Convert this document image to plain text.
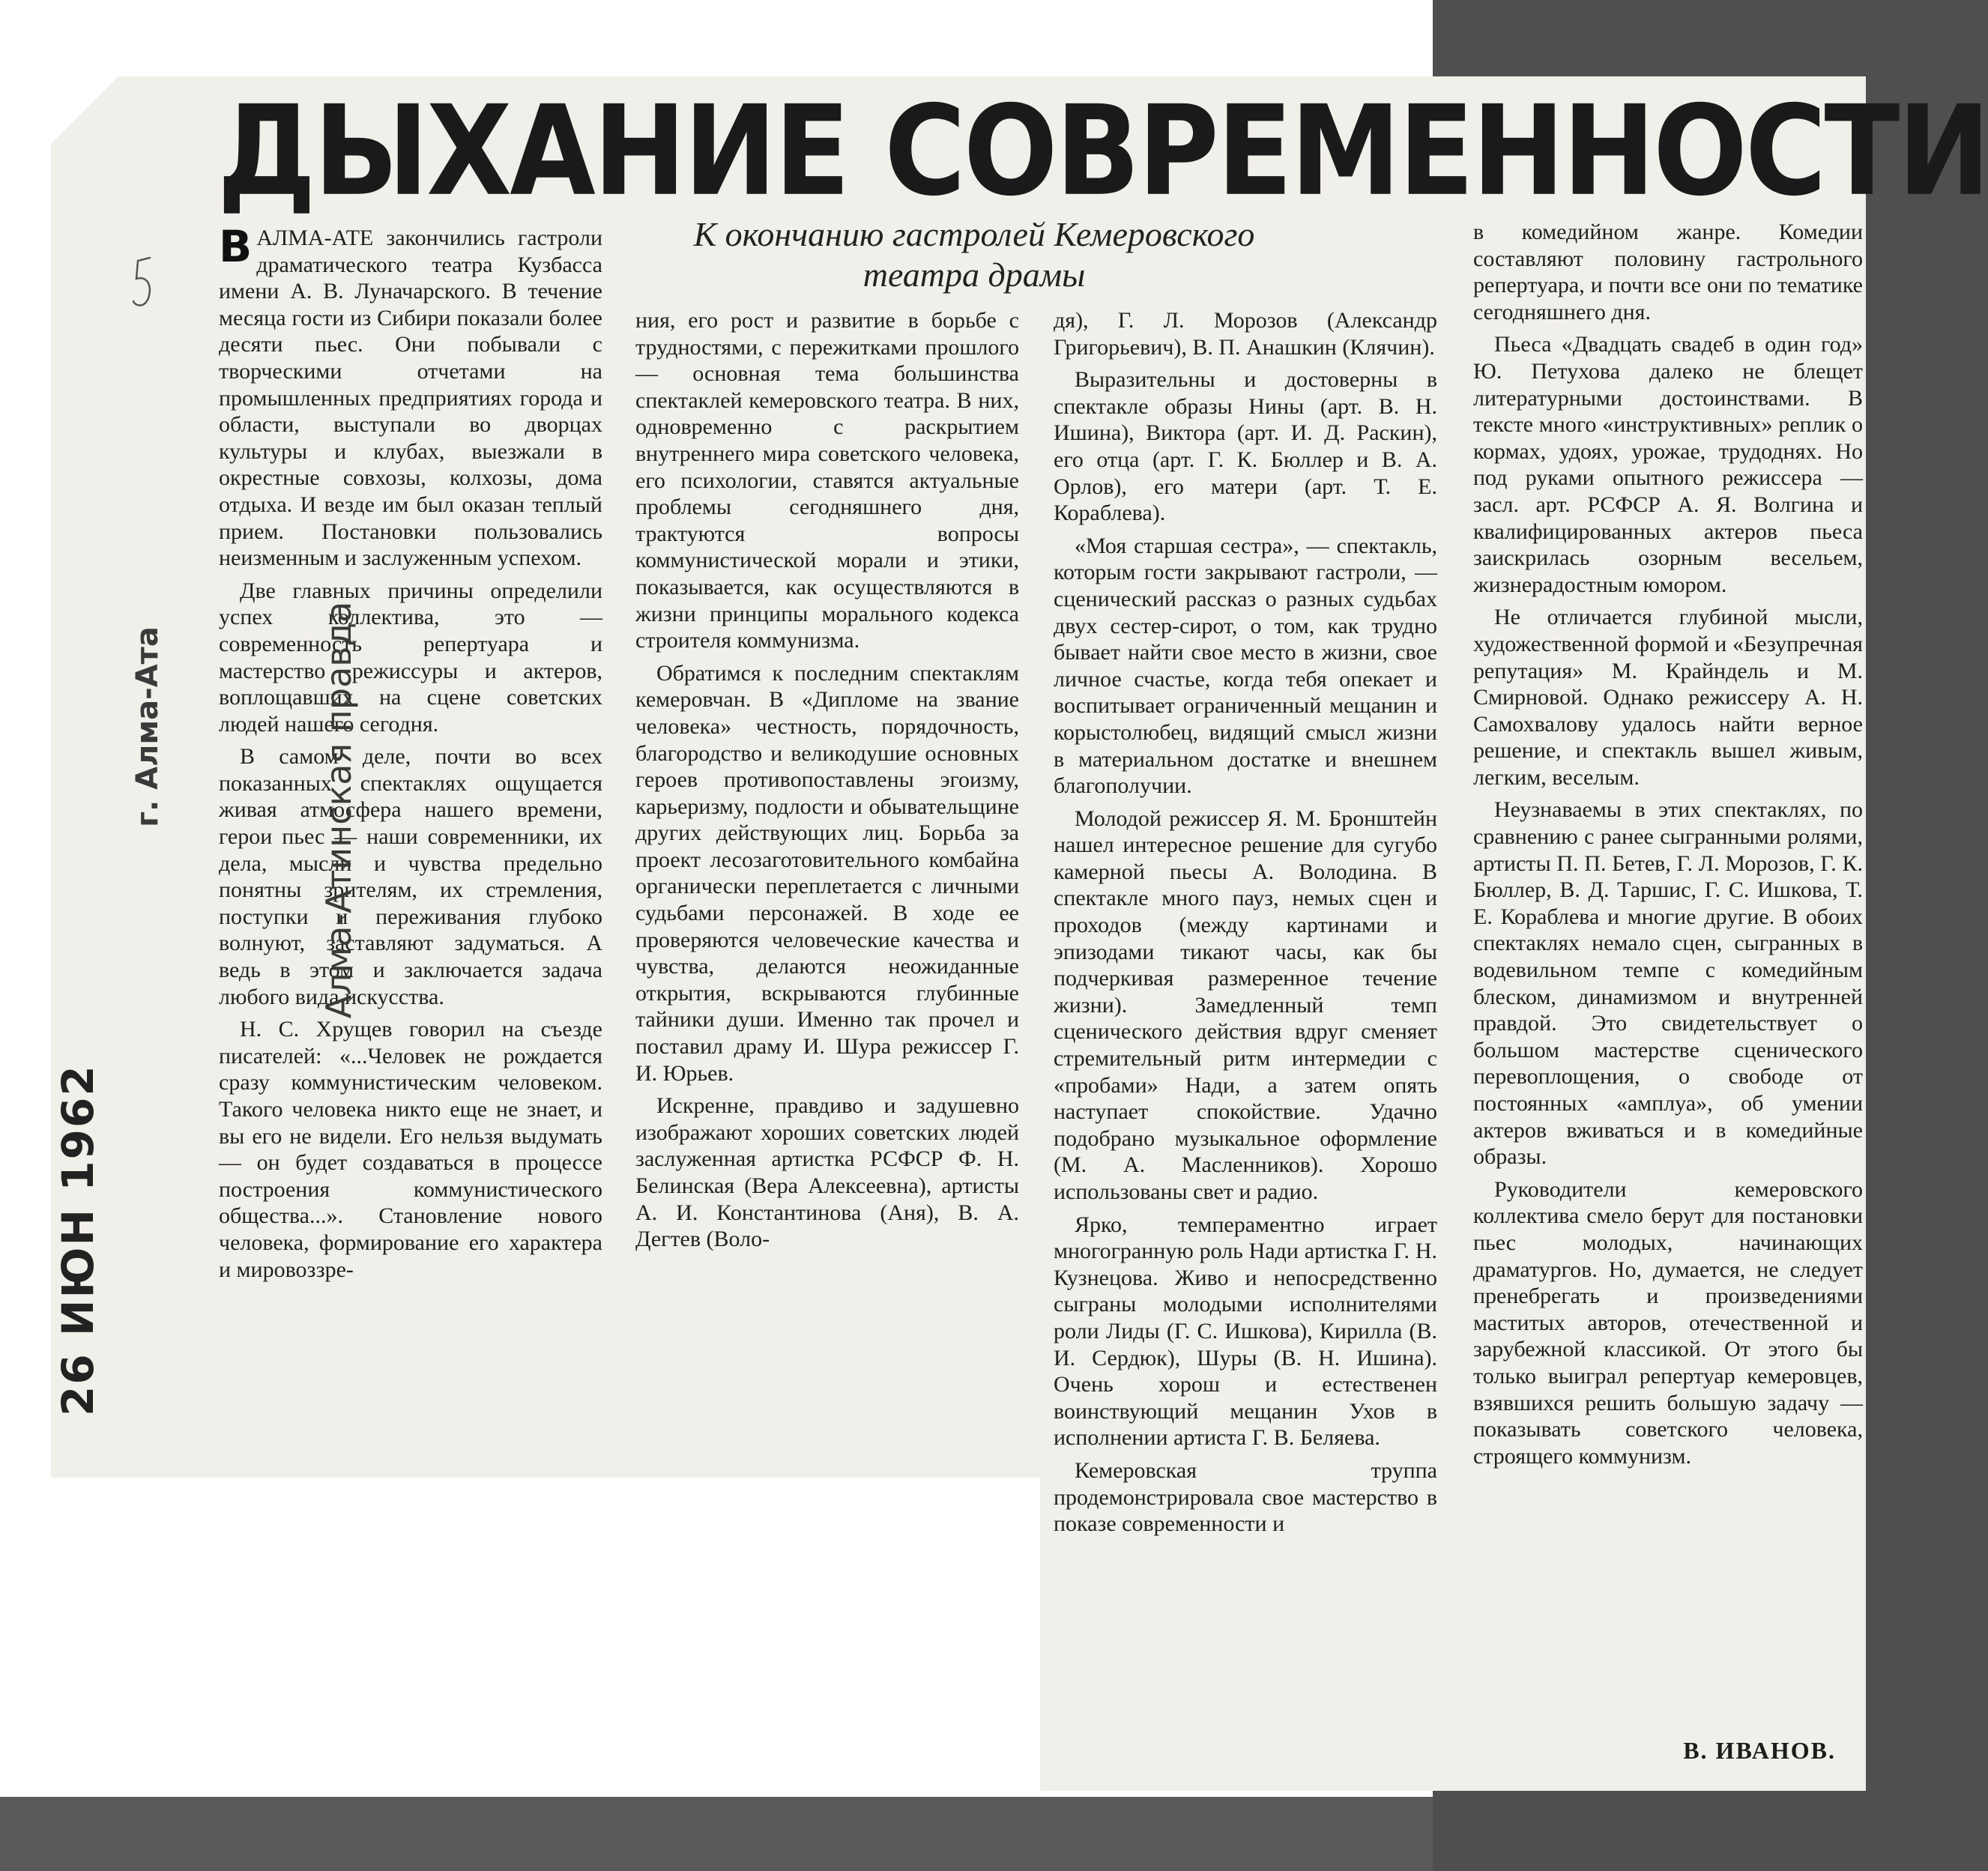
ДЫХАНИЕ СОВРЕМЕННОСТИ
К окончанию гастролей Кемеровского театра драмы

ВАЛМА-АТЕ закончились гастроли драматического театра Кузбасса имени А. В. Луначарского. В течение месяца гости из Сибири показали более десяти пьес. Они побывали с творческими отчетами на промышленных предприятиях города и области, выступали во дворцах культуры и клубах, выезжали в окрестные совхозы, колхозы, дома отдыха. И везде им был оказан теплый прием. Постановки пользовались неизменным и заслуженным успехом.

Две главных причины определили успех коллектива, это — современность репертуара и мастерство режиссуры и актеров, воплощавших на сцене советских людей нашего сегодня.

В самом деле, почти во всех показанных спектаклях ощущается живая атмосфера нашего времени, герои пьес — наши современники, их дела, мысли и чувства предельно понятны зрителям, их стремления, поступки и переживания глубоко волнуют, заставляют задуматься. А ведь в этом и заключается задача любого вида искусства.

Н. С. Хрущев говорил на съезде писателей: «...Человек не рождается сразу коммунистическим человеком. Такого человека никто еще не знает, и вы его не видели. Его нельзя выдумать — он будет создаваться в процессе построения коммунистического общества...». Становление нового человека, формирование его характера и мировоззре-

ния, его рост и развитие в борьбе с трудностями, с пережитками прошлого — основная тема большинства спектаклей кемеровского театра. В них, одновременно с раскрытием внутреннего мира советского человека, его психологии, ставятся актуальные проблемы сегодняшнего дня, трактуются вопросы коммунистической морали и этики, показывается, как осуществляются в жизни принципы морального кодекса строителя коммунизма.

Обратимся к последним спектаклям кемеровчан. В «Дипломе на звание человека» честность, порядочность, благородство и великодушие основных героев противопоставлены эгоизму, карьеризму, подлости и обывательщине других действующих лиц. Борьба за проект лесозаготовительного комбайна органически переплетается с личными судьбами персонажей. В ходе ее проверяются человеческие качества и чувства, делаются неожиданные открытия, вскрываются глубинные тайники души. Именно так прочел и поставил драму И. Шура режиссер Г. И. Юрьев.

Искренне, правдиво и задушевно изображают хороших советских людей заслуженная артистка РСФСР Ф. Н. Белинская (Вера Алексеевна), артисты А. И. Константинова (Аня), В. А. Дегтев (Воло-

дя), Г. Л. Морозов (Александр Григорьевич), В. П. Анашкин (Клячин).

Выразительны и достоверны в спектакле образы Нины (арт. В. Н. Ишина), Виктора (арт. И. Д. Раскин), его отца (арт. Г. К. Бюллер и В. А. Орлов), его матери (арт. Т. Е. Кораблева).

«Моя старшая сестра», — спектакль, которым гости закрывают гастроли, — сценический рассказ о разных судьбах двух сестер-сирот, о том, как трудно бывает найти свое место в жизни, свое личное счастье, когда тебя опекает и воспитывает ограниченный мещанин и корыстолюбец, видящий смысл жизни в материальном достатке и внешнем благополучии.

Молодой режиссер Я. М. Бронштейн нашел интересное решение для сугубо камерной пьесы А. Володина. В спектакле много пауз, немых сцен и проходов (между картинами и эпизодами тикают часы, как бы подчеркивая размеренное течение жизни). Замедленный темп сценического действия вдруг сменяет стремительный ритм интермедии с «пробами» Нади, а затем опять наступает спокойствие. Удачно подобрано музыкальное оформление (М. А. Масленников). Хорошо использованы свет и радио.

Ярко, темпераментно играет многогранную роль Нади артистка Г. Н. Кузнецова. Живо и непосредственно сыграны молодыми исполнителями роли Лиды (Г. С. Ишкова), Кирилла (В. И. Сердюк), Шуры (В. Н. Ишина). Очень хорош и естественен воинствующий мещанин Ухов в исполнении артиста Г. В. Беляева.

Кемеровская труппа продемонстрировала свое мастерство в показе современности и

в комедийном жанре. Комедии составляют половину гастрольного репертуара, и почти все они по тематике сегодняшнего дня.

Пьеса «Двадцать свадеб в один год» Ю. Петухова далеко не блещет литературными достоинствами. В тексте много «инструктивных» реплик о кормах, удоях, урожае, трудоднях. Но под руками опытного режиссера — засл. арт. РСФСР А. Я. Волгина и квалифицированных актеров пьеса заискрилась озорным весельем, жизнерадостным юмором.

Не отличается глубиной мысли, художественной формой и «Безупречная репутация» М. Крайндель и М. Смирновой. Однако режиссеру А. Н. Самохвалову удалось найти верное решение, и спектакль вышел живым, легким, веселым.

Неузнаваемы в этих спектаклях, по сравнению с ранее сыгранными ролями, артисты П. П. Бетев, Г. Л. Морозов, Г. К. Бюллер, В. Д. Таршис, Г. С. Ишкова, Т. Е. Кораблева и многие другие. В обоих спектаклях немало сцен, сыгранных в водевильном темпе с комедийным блеском, динамизмом и внутренней правдой. Это свидетельствует о большом мастерстве сценического перевоплощения, о свободе от постоянных «амплуа», об умении актеров вживаться и в комедийные образы.

Руководители кемеровского коллектива смело берут для постановки пьес молодых, начинающих драматургов. Но, думается, не следует пренебрегать и произведениями маститых авторов, отечественной и зарубежной классикой. От этого бы только выиграл репертуар кемеровцев, взявшихся решить большую задачу — показывать советского человека, строящего коммунизм.

В. ИВАНОВ.
Алма-Атинская правда
г. Алма-Ата
26 ИЮН 1962
